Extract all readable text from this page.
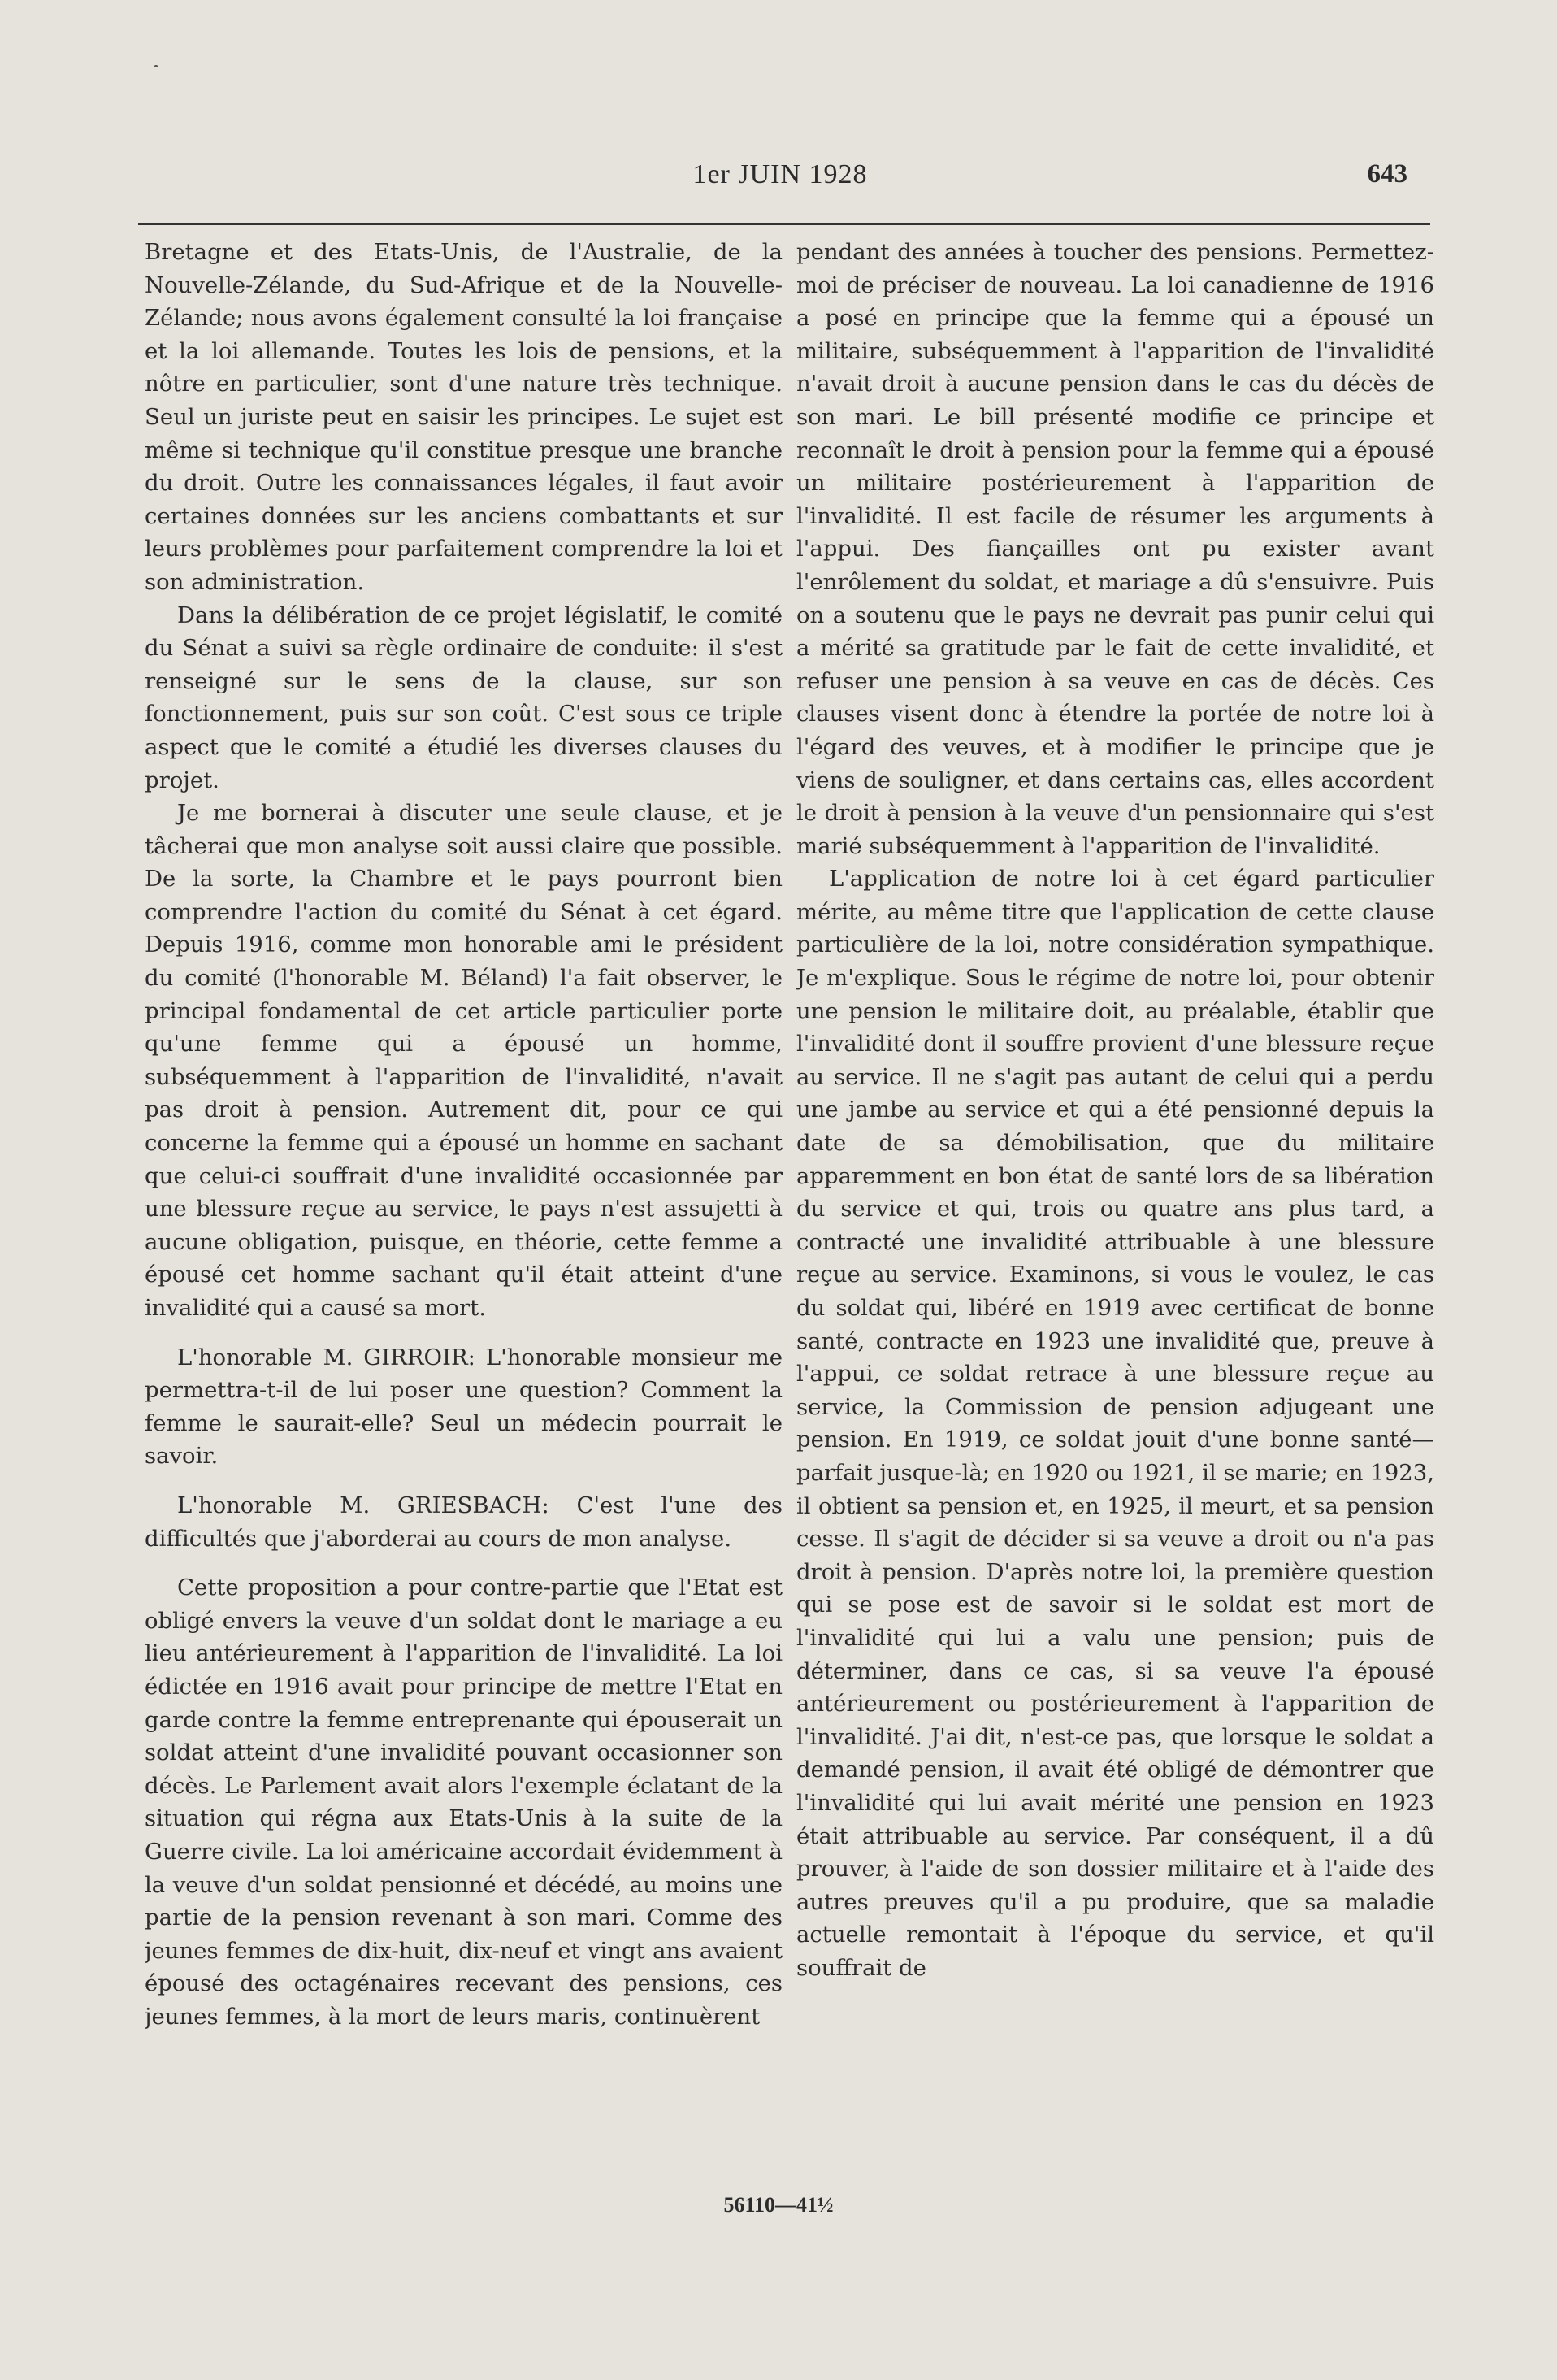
1er JUIN 1928	643

Bretagne et des Etats-Unis, de l'Australie, de la Nouvelle-Zélande, du Sud-Afrique et de la Nouvelle-Zélande; nous avons également consulté la loi française et la loi allemande. Toutes les lois de pensions, et la nôtre en particulier, sont d'une nature très technique. Seul un juriste peut en saisir les principes. Le sujet est même si technique qu'il constitue presque une branche du droit. Outre les connaissances légales, il faut avoir certaines données sur les anciens combattants et sur leurs problèmes pour parfaitement comprendre la loi et son administration.

Dans la délibération de ce projet législatif, le comité du Sénat a suivi sa règle ordinaire de conduite: il s'est renseigné sur le sens de la clause, sur son fonctionnement, puis sur son coût. C'est sous ce triple aspect que le comité a étudié les diverses clauses du projet.

Je me bornerai à discuter une seule clause, et je tâcherai que mon analyse soit aussi claire que possible. De la sorte, la Chambre et le pays pourront bien comprendre l'action du comité du Sénat à cet égard. Depuis 1916, comme mon honorable ami le président du comité (l'honorable M. Béland) l'a fait observer, le principal fondamental de cet article particulier porte qu'une femme qui a épousé un homme, subséquemment à l'apparition de l'invalidité, n'avait pas droit à pension. Autrement dit, pour ce qui concerne la femme qui a épousé un homme en sachant que celui-ci souffrait d'une invalidité occasionnée par une blessure reçue au service, le pays n'est assujetti à aucune obligation, puisque, en théorie, cette femme a épousé cet homme sachant qu'il était atteint d'une invalidité qui a causé sa mort.

L'honorable M. GIRROIR: L'honorable monsieur me permettra-t-il de lui poser une question? Comment la femme le saurait-elle? Seul un médecin pourrait le savoir.

L'honorable M. GRIESBACH: C'est l'une des difficultés que j'aborderai au cours de mon analyse.

Cette proposition a pour contre-partie que l'Etat est obligé envers la veuve d'un soldat dont le mariage a eu lieu antérieurement à l'apparition de l'invalidité. La loi édictée en 1916 avait pour principe de mettre l'Etat en garde contre la femme entreprenante qui épouserait un soldat atteint d'une invalidité pouvant occasionner son décès. Le Parlement avait alors l'exemple éclatant de la situation qui régna aux Etats-Unis à la suite de la Guerre civile. La loi américaine accordait évidemment à la veuve d'un soldat pensionné et décédé, au moins une partie de la pension revenant à son mari. Comme des jeunes femmes de dix-huit, dix-neuf et vingt ans avaient épousé des octagénaires recevant des pensions, ces jeunes femmes, à la mort de leurs maris, continuèrent

pendant des années à toucher des pensions. Permettez-moi de préciser de nouveau. La loi canadienne de 1916 a posé en principe que la femme qui a épousé un militaire, subséquemment à l'apparition de l'invalidité n'avait droit à aucune pension dans le cas du décès de son mari. Le bill présenté modifie ce principe et reconnaît le droit à pension pour la femme qui a épousé un militaire postérieurement à l'apparition de l'invalidité. Il est facile de résumer les arguments à l'appui. Des fiançailles ont pu exister avant l'enrôlement du soldat, et mariage a dû s'ensuivre. Puis on a soutenu que le pays ne devrait pas punir celui qui a mérité sa gratitude par le fait de cette invalidité, et refuser une pension à sa veuve en cas de décès. Ces clauses visent donc à étendre la portée de notre loi à l'égard des veuves, et à modifier le principe que je viens de souligner, et dans certains cas, elles accordent le droit à pension à la veuve d'un pensionnaire qui s'est marié subséquemment à l'apparition de l'invalidité.

L'application de notre loi à cet égard particulier mérite, au même titre que l'application de cette clause particulière de la loi, notre considération sympathique. Je m'explique. Sous le régime de notre loi, pour obtenir une pension le militaire doit, au préalable, établir que l'invalidité dont il souffre provient d'une blessure reçue au service. Il ne s'agit pas autant de celui qui a perdu une jambe au service et qui a été pensionné depuis la date de sa démobilisation, que du militaire apparemment en bon état de santé lors de sa libération du service et qui, trois ou quatre ans plus tard, a contracté une invalidité attribuable à une blessure reçue au service. Examinons, si vous le voulez, le cas du soldat qui, libéré en 1919 avec certificat de bonne santé, contracte en 1923 une invalidité que, preuve à l'appui, ce soldat retrace à une blessure reçue au service, la Commission de pension adjugeant une pension. En 1919, ce soldat jouit d'une bonne santé—parfait jusque-là; en 1920 ou 1921, il se marie; en 1923, il obtient sa pension et, en 1925, il meurt, et sa pension cesse. Il s'agit de décider si sa veuve a droit ou n'a pas droit à pension. D'après notre loi, la première question qui se pose est de savoir si le soldat est mort de l'invalidité qui lui a valu une pension; puis de déterminer, dans ce cas, si sa veuve l'a épousé antérieurement ou postérieurement à l'apparition de l'invalidité. J'ai dit, n'est-ce pas, que lorsque le soldat a demandé pension, il avait été obligé de démontrer que l'invalidité qui lui avait mérité une pension en 1923 était attribuable au service. Par conséquent, il a dû prouver, à l'aide de son dossier militaire et à l'aide des autres preuves qu'il a pu produire, que sa maladie actuelle remontait à l'époque du service, et qu'il souffrait de

56110—41½
